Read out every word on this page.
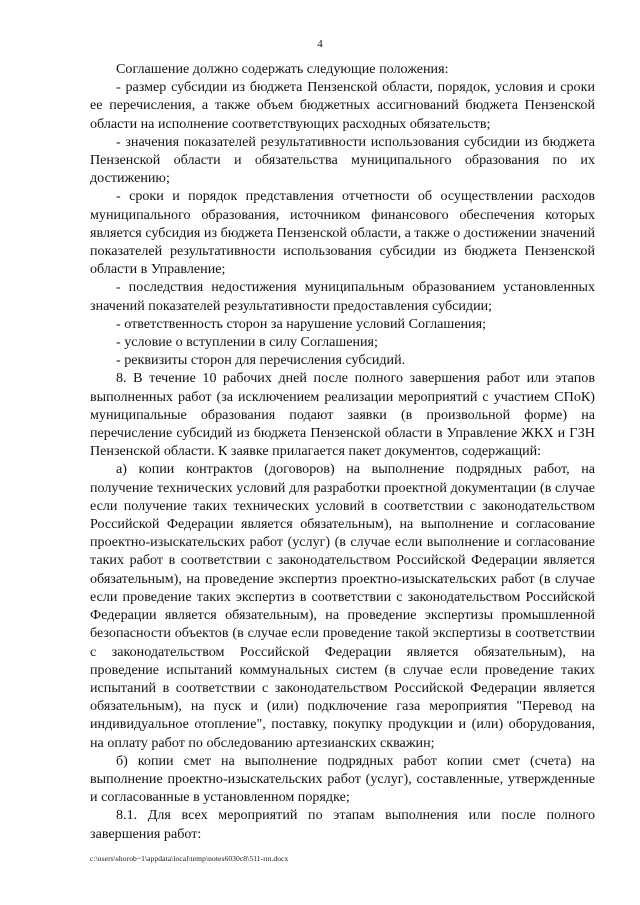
4

Соглашение должно содержать следующие положения:

- размер субсидии из бюджета Пензенской области, порядок, условия и сроки ее перечисления, а также объем бюджетных ассигнований бюджета Пензенской области на исполнение соответствующих расходных обязательств;

- значения показателей результативности использования субсидии из бюджета Пензенской области и обязательства муниципального образования по их достижению;

- сроки и порядок представления отчетности об осуществлении расходов муниципального образования, источником финансового обеспечения которых является субсидия из бюджета Пензенской области, а также о достижении значений показателей результативности использования субсидии из бюджета Пензенской области в Управление;

- последствия недостижения муниципальным образованием установленных значений показателей результативности предоставления субсидии;

- ответственность сторон за нарушение условий Соглашения;

- условие о вступлении в силу Соглашения;

- реквизиты сторон для перечисления субсидий.

8. В течение 10 рабочих дней после полного завершения работ или этапов выполненных работ (за исключением реализации мероприятий с участием СПоК) муниципальные образования подают заявки (в произвольной форме) на перечисление субсидий из бюджета Пензенской области в Управление ЖКХ и ГЗН Пензенской области. К заявке прилагается пакет документов, содержащий:

а) копии контрактов (договоров) на выполнение подрядных работ, на получение технических условий для разработки проектной документации (в случае если получение таких технических условий в соответствии с законодательством Российской Федерации является обязательным), на выполнение и согласование проектно-изыскательских работ (услуг) (в случае если выполнение и согласование таких работ в соответствии с законодательством Российской Федерации является обязательным), на проведение экспертиз проектно-изыскательских работ (в случае если проведение таких экспертиз в соответствии с законодательством Российской Федерации является обязательным), на проведение экспертизы промышленной безопасности объектов (в случае если проведение такой экспертизы в соответствии с законодательством Российской Федерации является обязательным), на проведение испытаний коммунальных систем (в случае если проведение таких испытаний в соответствии с законодательством Российской Федерации является обязательным), на пуск и (или) подключение газа мероприятия "Перевод на индивидуальное отопление", поставку, покупку продукции и (или) оборудования, на оплату работ по обследованию артезианских скважин;

б) копии смет на выполнение подрядных работ копии смет (счета) на выполнение проектно-изыскательских работ (услуг), составленные, утвержденные и согласованные в установленном порядке;

8.1. Для всех мероприятий по этапам выполнения или после полного завершения работ:

c:\users\shorob~1\appdata\local\temp\notes6030c8\511-пп.docx
